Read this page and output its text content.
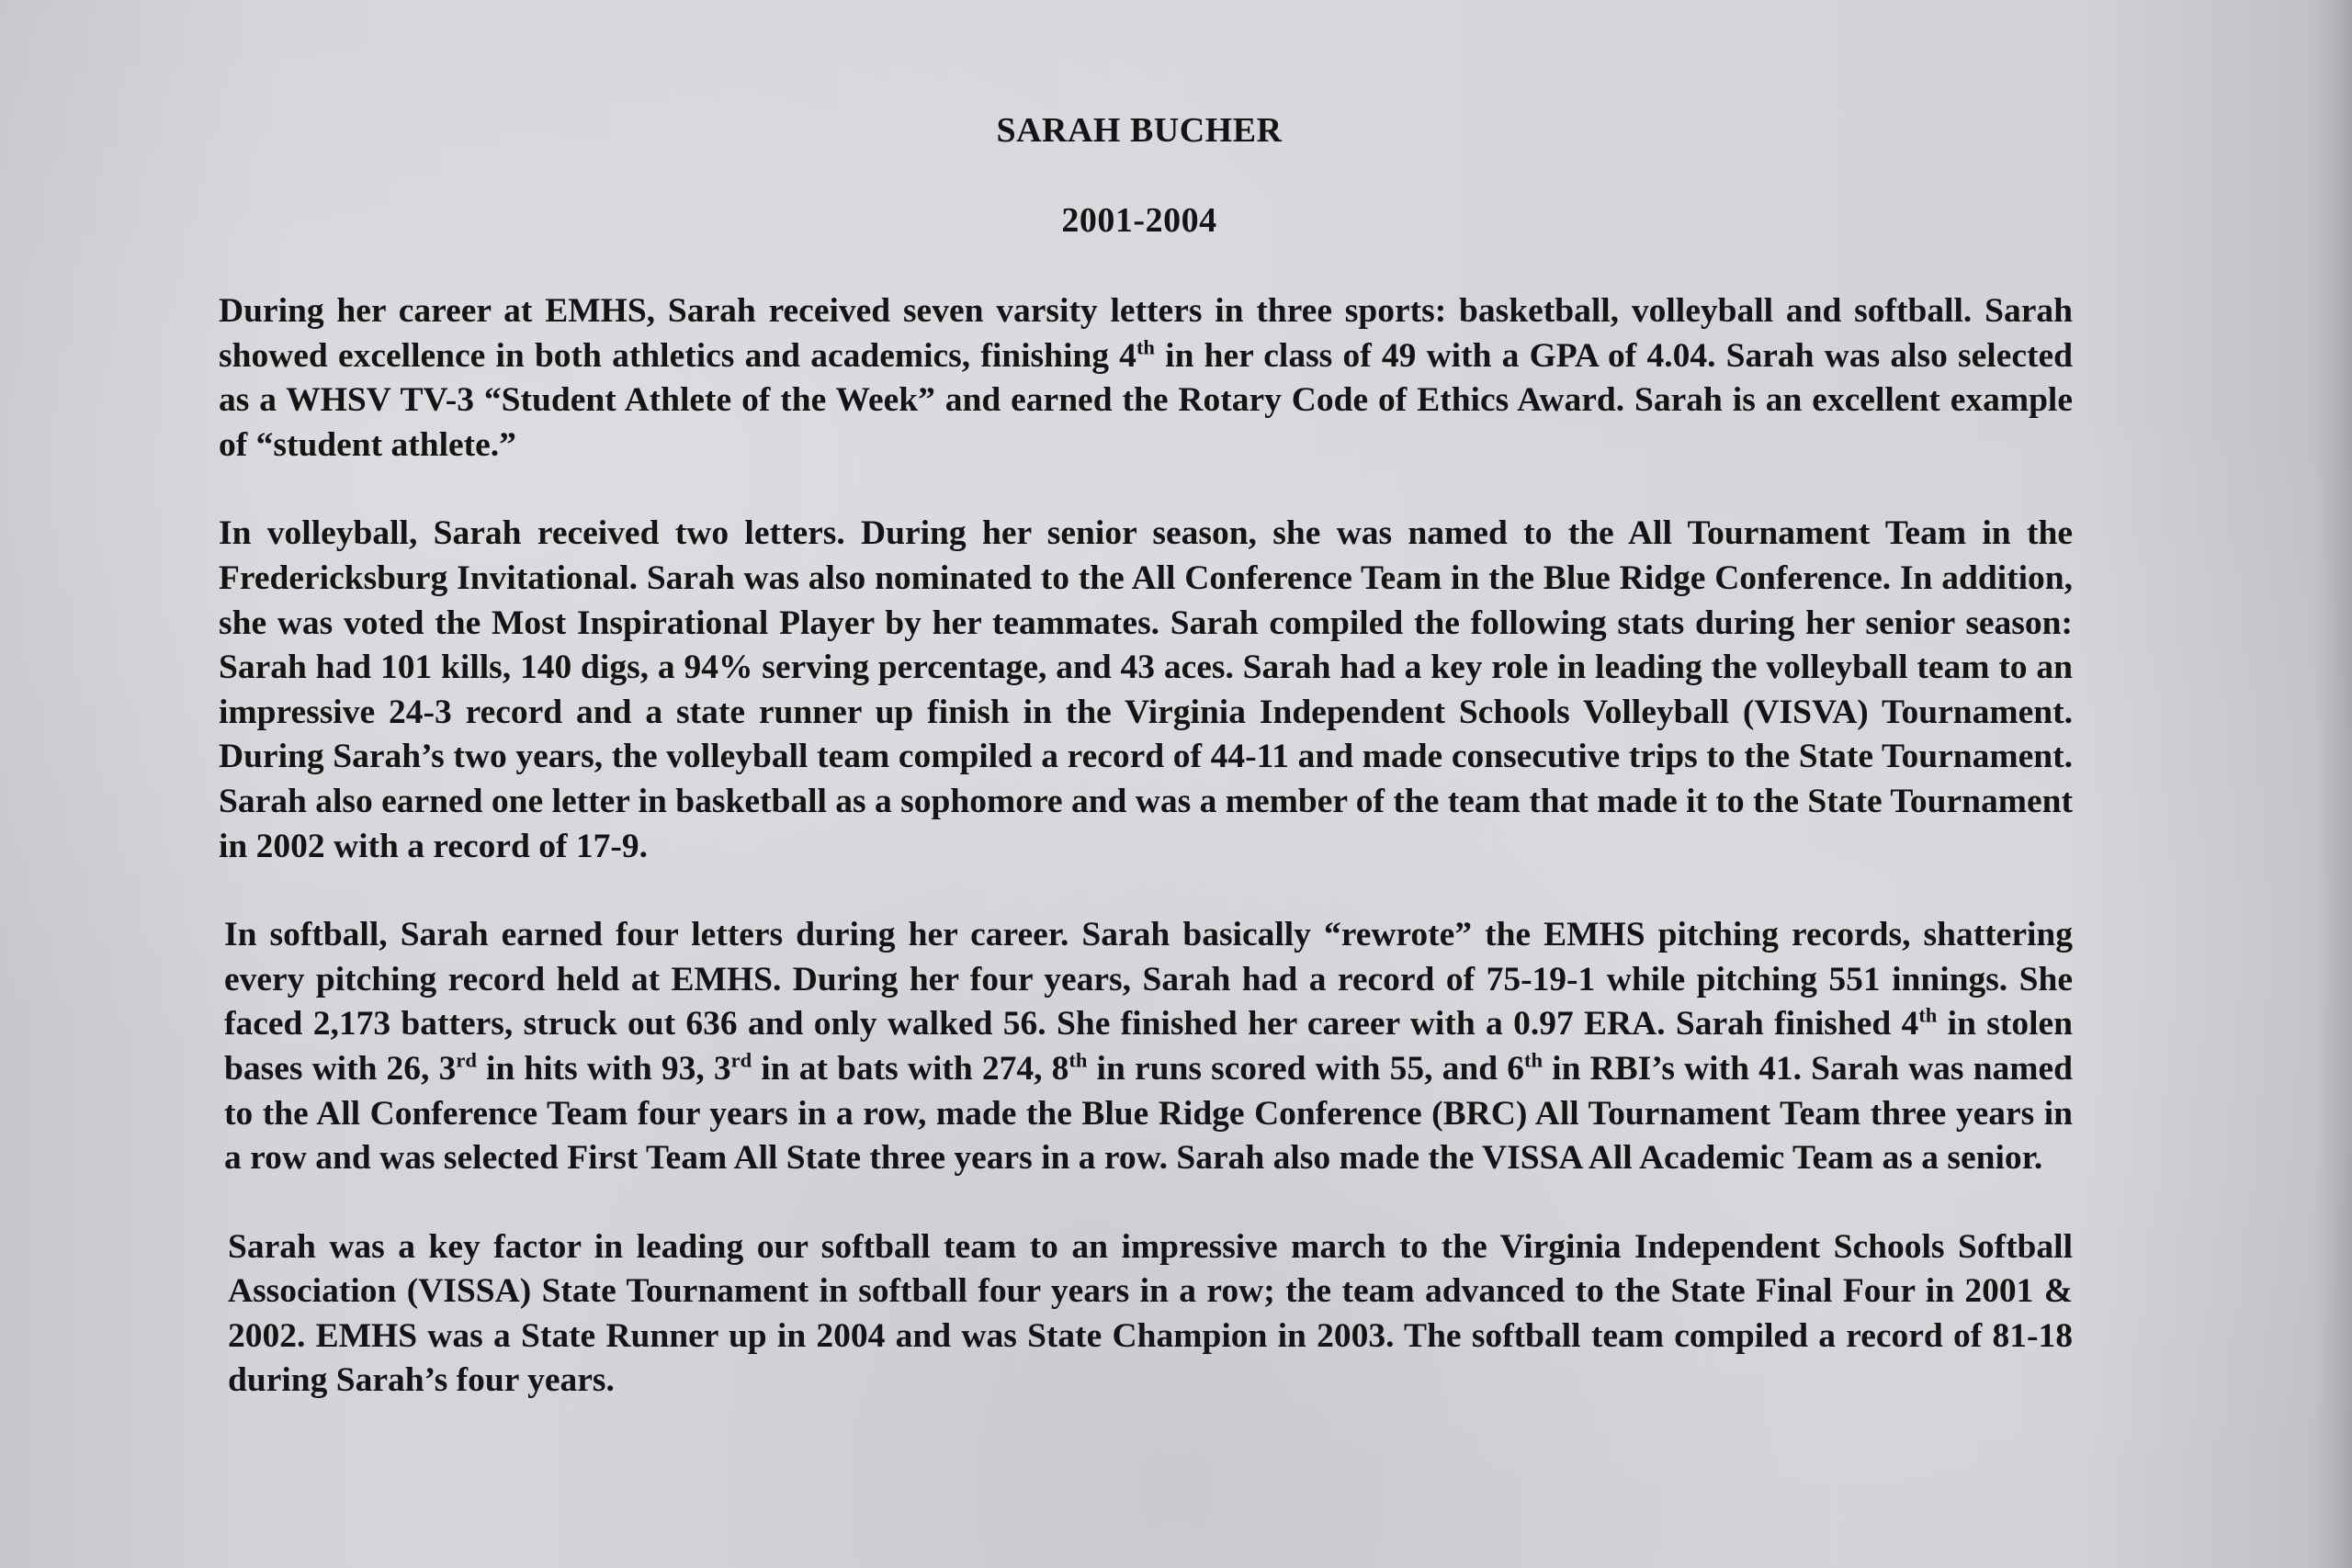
SARAH BUCHER
2001-2004

During her career at EMHS, Sarah received seven varsity letters in three sports: basketball, volleyball and softball. Sarah showed excellence in both athletics and academics, finishing 4th in her class of 49 with a GPA of 4.04. Sarah was also selected as a WHSV TV-3 “Student Athlete of the Week” and earned the Rotary Code of Ethics Award. Sarah is an excellent example of “student athlete.”

In volleyball, Sarah received two letters. During her senior season, she was named to the All Tournament Team in the Fredericksburg Invitational. Sarah was also nominated to the All Conference Team in the Blue Ridge Conference. In addition, she was voted the Most Inspirational Player by her teammates. Sarah compiled the following stats during her senior season: Sarah had 101 kills, 140 digs, a 94% serving percentage, and 43 aces. Sarah had a key role in leading the volleyball team to an impressive 24-3 record and a state runner up finish in the Virginia Independent Schools Volleyball (VISVA) Tournament. During Sarah’s two years, the volleyball team compiled a record of 44-11 and made consecutive trips to the State Tournament. Sarah also earned one letter in basketball as a sophomore and was a member of the team that made it to the State Tournament in 2002 with a record of 17-9.

In softball, Sarah earned four letters during her career. Sarah basically “rewrote” the EMHS pitching records, shattering every pitching record held at EMHS. During her four years, Sarah had a record of 75-19-1 while pitching 551 innings. She faced 2,173 batters, struck out 636 and only walked 56. She finished her career with a 0.97 ERA. Sarah finished 4th in stolen bases with 26, 3rd in hits with 93, 3rd in at bats with 274, 8th in runs scored with 55, and 6th in RBI’s with 41. Sarah was named to the All Conference Team four years in a row, made the Blue Ridge Conference (BRC) All Tournament Team three years in a row and was selected First Team All State three years in a row. Sarah also made the VISSA All Academic Team as a senior.

Sarah was a key factor in leading our softball team to an impressive march to the Virginia Independent Schools Softball Association (VISSA) State Tournament in softball four years in a row; the team advanced to the State Final Four in 2001 & 2002. EMHS was a State Runner up in 2004 and was State Champion in 2003. The softball team compiled a record of 81-18 during Sarah’s four years.
